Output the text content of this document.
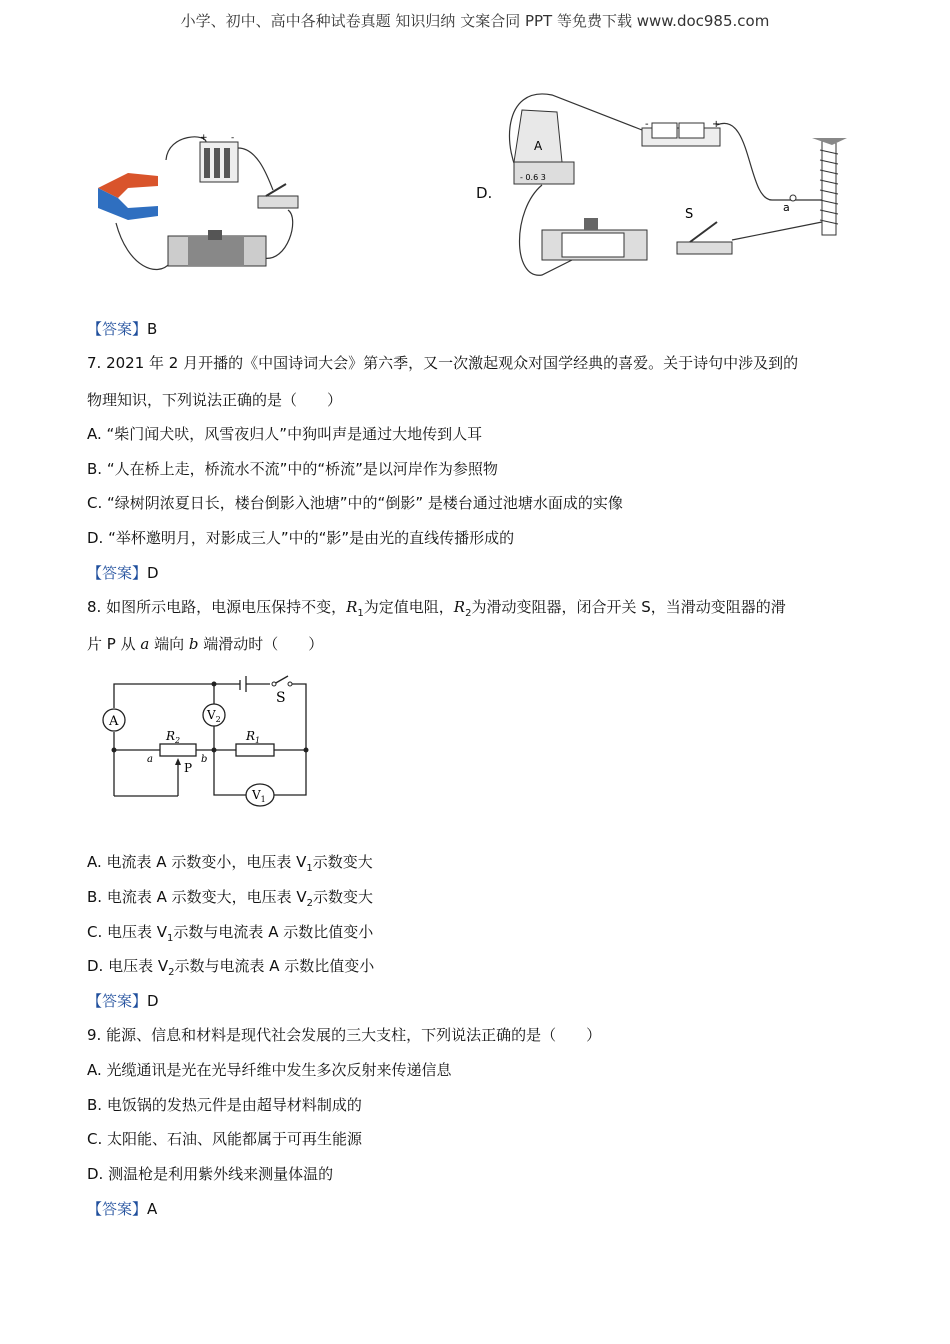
小学、初中、高中各种试卷真题 知识归纳 文案合同 PPT 等免费下载 www.doc985.com
+	-
D.
A
- 0.6 3
-	+
a
S
【答案】B
7. 2021 年 2 月开播的《中国诗词大会》第六季，又一次激起观众对国学经典的喜爱。关于诗句中涉及到的
物理知识，下列说法正确的是（　　）
A. “柴门闻犬吠，风雪夜归人”中狗叫声是通过大地传到人耳
B. “人在桥上走，桥流水不流”中的“桥流”是以河岸作为参照物
C. “绿树阴浓夏日长，楼台倒影入池塘”中的“倒影” 是楼台通过池塘水面成的实像
D. “举杯邀明月，对影成三人”中的“影”是由光的直线传播形成的
【答案】D
8. 如图所示电路，电源电压保持不变，$R_1$为定值电阻，$R_2$为滑动变阻器，闭合开关 S，当滑动变阻器的滑
片 P 从 a 端向 b 端滑动时（　　）
A	$V_2$
$V_1$
S
$R_2$	$R_1$
a	b
P
A. 电流表 A 示数变小，电压表 $V_1$示数变大
B. 电流表 A 示数变大，电压表 $V_2$示数变大
C. 电压表 $V_1$示数与电流表 A 示数比值变小
D. 电压表 $V_2$示数与电流表 A 示数比值变小
【答案】D
9. 能源、信息和材料是现代社会发展的三大支柱，下列说法正确的是（　　）
A. 光缆通讯是光在光导纤维中发生多次反射来传递信息
B. 电饭锅的发热元件是由超导材料制成的
C. 太阳能、石油、风能都属于可再生能源
D. 测温枪是利用紫外线来测量体温的
【答案】A
